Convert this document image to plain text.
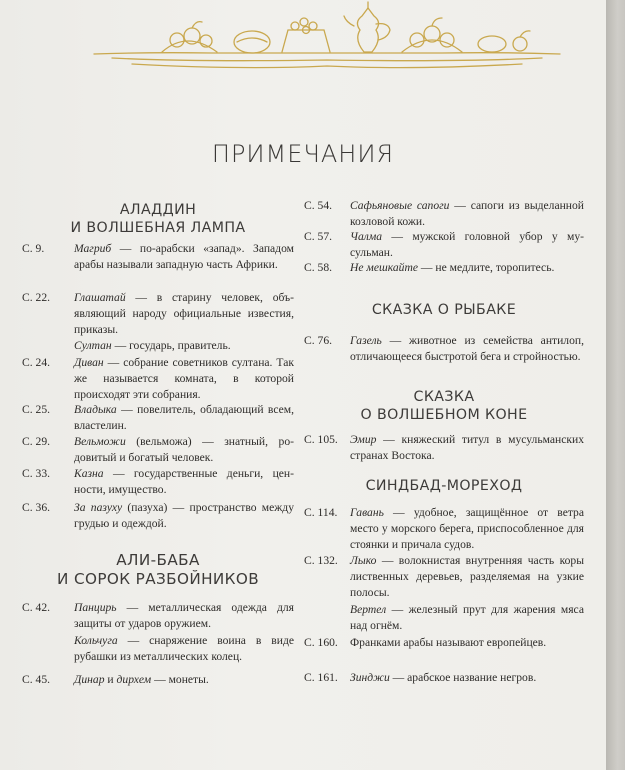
ПРИМЕЧАНИЯ
АЛАДДИН
И ВОЛШЕБНАЯ ЛАМПА
С. 9.	Магриб — по-арабски «запад». Западом арабы называли западную часть Африки.
С. 22. Глашатай — в старину человек, объявляющий народу официальные известия, приказы.
Султан — государь, правитель.
С. 24. Диван — собрание советников султана. Так же называется комната, в которой происходят эти собрания.
С. 25. Владыка — повелитель, обладающий всем, властелин.
С. 29. Вельможи (вельможа) — знатный, родовитый и богатый человек.
С. 33. Казна — государственные деньги, ценности, имущество.
С. 36. За пазуху (пазуха) — пространство между грудью и одеждой.
АЛИ-БАБА
И СОРОК РАЗБОЙНИКОВ
С. 42. Панцирь — металлическая одежда для защиты от ударов оружием.
Кольчуга — снаряжение воина в виде рубашки из металлических колец.
С. 45. Динар и дирхем — монеты.
С. 54. Сафьяновые сапоги — сапоги из выделанной козловой кожи.
С. 57. Чалма — мужской головной убор у мусульман.
С. 58. Не мешкайте — не медлите, торопитесь.
СКАЗКА О РЫБАКЕ
С. 76. Газель — животное из семейства антилоп, отличающееся быстротой бега и стройностью.
СКАЗКА
О ВОЛШЕБНОМ КОНЕ
С. 105. Эмир — княжеский титул в мусульманских странах Востока.
СИНДБАД-МОРЕХОД
С. 114. Гавань — удобное, защищённое от ветра место у морского берега, приспособленное для стоянки и причала судов.
С. 132. Лыко — волокнистая внутренняя часть коры лиственных деревьев, разделяемая на узкие полосы.
Вертел — железный прут для жарения мяса над огнём.
С. 160. Франками арабы называют европейцев.
С. 161. Зинджи — арабское название негров.
